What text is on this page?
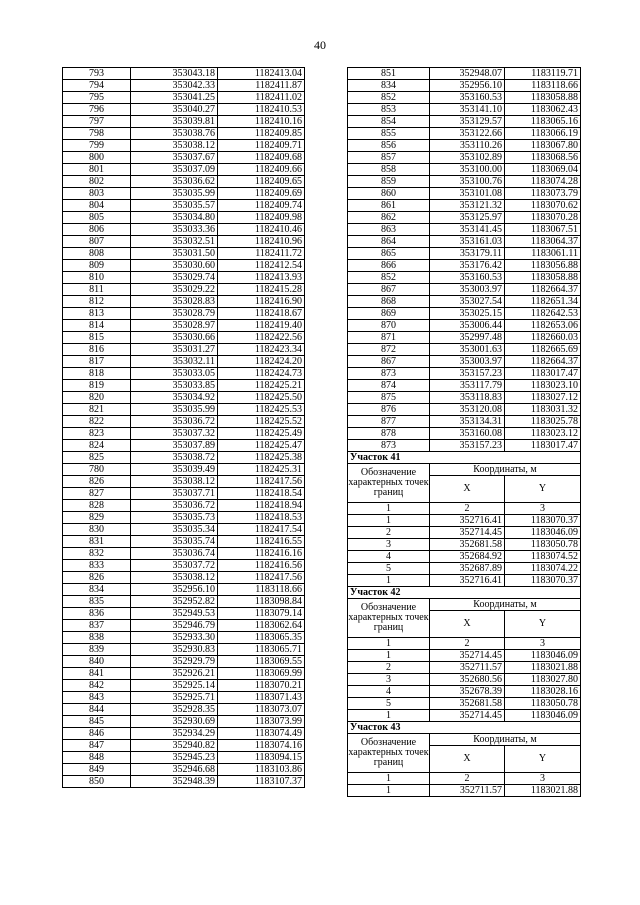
40
793	353043.18	1182413.04
794	353042.33	1182411.87
795	353041.25	1182411.02
796	353040.27	1182410.53
797	353039.81	1182410.16
798	353038.76	1182409.85
799	353038.12	1182409.71
800	353037.67	1182409.68
801	353037.09	1182409.66
802	353036.62	1182409.65
803	353035.99	1182409.69
804	353035.57	1182409.74
805	353034.80	1182409.98
806	353033.36	1182410.46
807	353032.51	1182410.96
808	353031.50	1182411.72
809	353030.60	1182412.54
810	353029.74	1182413.93
811	353029.22	1182415.28
812	353028.83	1182416.90
813	353028.79	1182418.67
814	353028.97	1182419.40
815	353030.66	1182422.56
816	353031.27	1182423.34
817	353032.11	1182424.20
818	353033.05	1182424.73
819	353033.85	1182425.21
820	353034.92	1182425.50
821	353035.99	1182425.53
822	353036.72	1182425.52
823	353037.32	1182425.49
824	353037.89	1182425.47
825	353038.72	1182425.38
780	353039.49	1182425.31
826	353038.12	1182417.56
827	353037.71	1182418.54
828	353036.72	1182418.94
829	353035.73	1182418.53
830	353035.34	1182417.54
831	353035.74	1182416.55
832	353036.74	1182416.16
833	353037.72	1182416.56
826	353038.12	1182417.56
834	352956.10	1183118.66
835	352952.82	1183098.84
836	352949.53	1183079.14
837	352946.79	1183062.64
838	352933.30	1183065.35
839	352930.83	1183065.71
840	352929.79	1183069.55
841	352926.21	1183069.99
842	352925.14	1183070.21
843	352925.71	1183071.43
844	352928.35	1183073.07
845	352930.69	1183073.99
846	352934.29	1183074.49
847	352940.82	1183074.16
848	352945.23	1183094.15
849	352946.68	1183103.86
850	352948.39	1183107.37
851	352948.07	1183119.71
834	352956.10	1183118.66
852	353160.53	1183058.88
853	353141.10	1183062.43
854	353129.57	1183065.16
855	353122.66	1183066.19
856	353110.26	1183067.80
857	353102.89	1183068.56
858	353100.00	1183069.04
859	353100.76	1183074.28
860	353101.08	1183073.79
861	353121.32	1183070.62
862	353125.97	1183070.28
863	353141.45	1183067.51
864	353161.03	1183064.37
865	353179.11	1183061.11
866	353176.42	1183056.88
852	353160.53	1183058.88
867	353003.97	1182664.37
868	353027.54	1182651.34
869	353025.15	1182642.53
870	353006.44	1182653.06
871	352997.48	1182660.03
872	353001.63	1182665.69
867	353003.97	1182664.37
873	353157.23	1183017.47
874	353117.79	1183023.10
875	353118.83	1183027.12
876	353120.08	1183031.32
877	353134.31	1183025.78
878	353160.08	1183023.12
873	353157.23	1183017.47
Участок 41		
Обозначение характерных точек границ	Координаты, м	
	X	Y
1	2	3
1	352716.41	1183070.37
2	352714.45	1183046.09
3	352681.58	1183050.78
4	352684.92	1183074.52
5	352687.89	1183074.22
1	352716.41	1183070.37
Участок 42		
Обозначение характерных точек границ	Координаты, м	
	X	Y
1	2	3
1	352714.45	1183046.09
2	352711.57	1183021.88
3	352680.56	1183027.80
4	352678.39	1183028.16
5	352681.58	1183050.78
1	352714.45	1183046.09
Участок 43		
Обозначение характерных точек границ	Координаты, м	
	X	Y
1	2	3
1	352711.57	1183021.88
